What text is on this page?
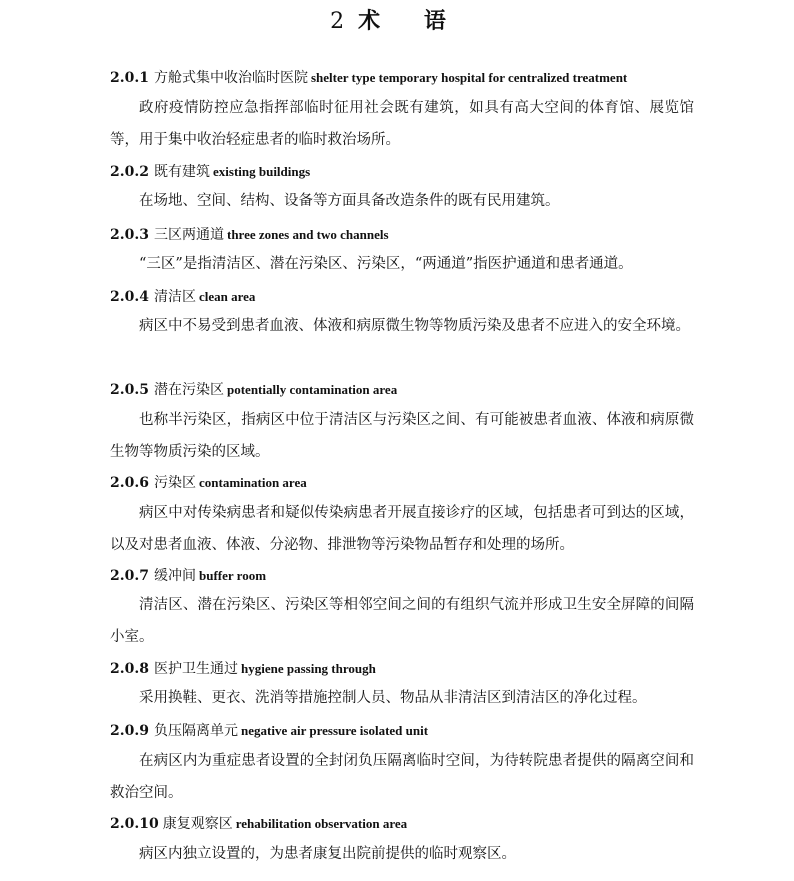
2 术 语
2.0.1 方舱式集中收治临时医院 shelter type temporary hospital for centralized treatment

政府疫情防控应急指挥部临时征用社会既有建筑，如具有高大空间的体育馆、展览馆等，用于集中收治轻症患者的临时救治场所。

2.0.2 既有建筑 existing buildings

在场地、空间、结构、设备等方面具备改造条件的既有民用建筑。

2.0.3 三区两通道 three zones and two channels

“三区”是指清洁区、潜在污染区、污染区，“两通道”指医护通道和患者通道。

2.0.4 清洁区 clean area

病区中不易受到患者血液、体液和病原微生物等物质污染及患者不应进入的安全环境。

2.0.5 潜在污染区 potentially contamination area

也称半污染区，指病区中位于清洁区与污染区之间、有可能被患者血液、体液和病原微生物等物质污染的区域。

2.0.6 污染区 contamination area

病区中对传染病患者和疑似传染病患者开展直接诊疗的区域，包括患者可到达的区域，以及对患者血液、体液、分泌物、排泄物等污染物品暂存和处理的场所。

2.0.7 缓冲间 buffer room

清洁区、潜在污染区、污染区等相邻空间之间的有组织气流并形成卫生安全屏障的间隔小室。

2.0.8 医护卫生通过 hygiene passing through

采用换鞋、更衣、洗消等措施控制人员、物品从非清洁区到清洁区的净化过程。

2.0.9 负压隔离单元 negative air pressure isolated unit

在病区内为重症患者设置的全封闭负压隔离临时空间，为待转院患者提供的隔离空间和救治空间。

2.0.10 康复观察区 rehabilitation observation area

病区内独立设置的，为患者康复出院前提供的临时观察区。
